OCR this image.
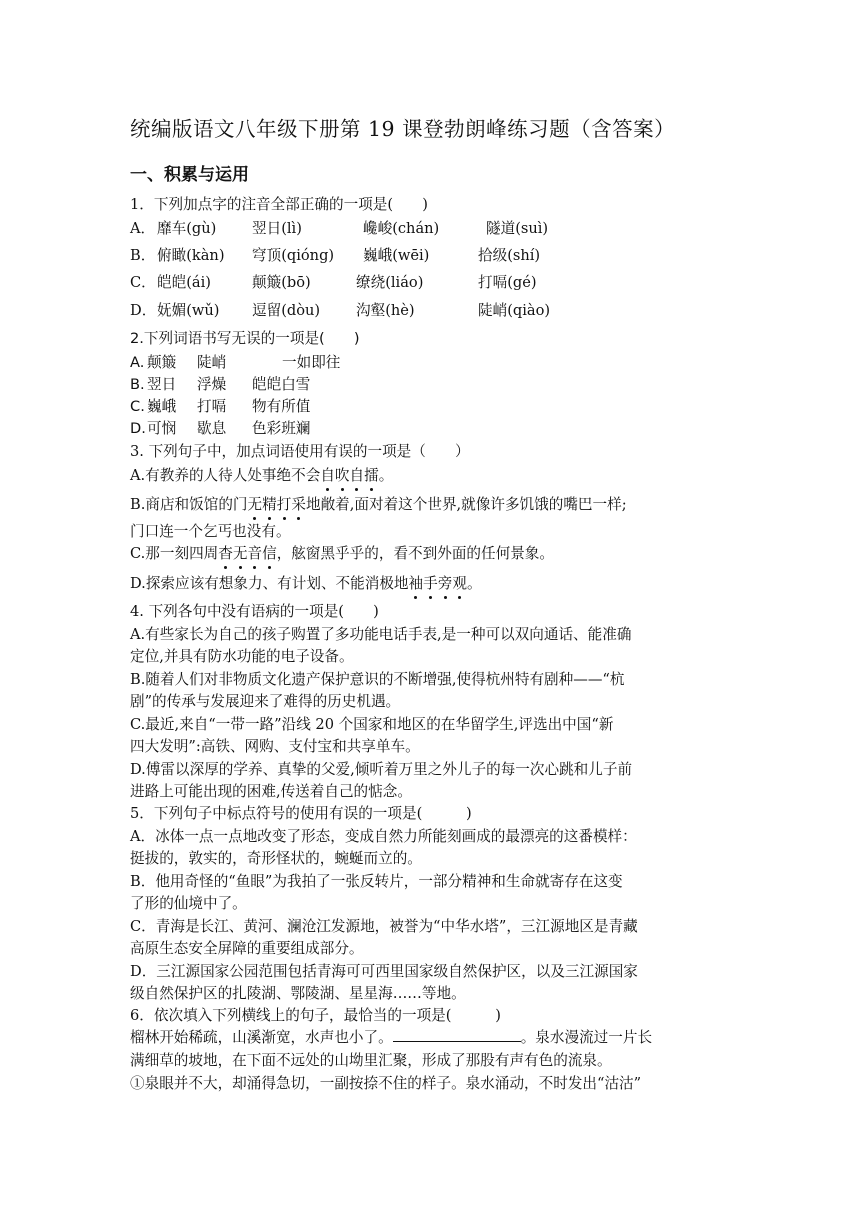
统编版语文八年级下册第 19 课登勃朗峰练习题（含答案）
一、积累与运用
1．下列加点字的注音全部正确的一项是(　　)
A． 靡车(gù) 翌日(lì)	巉峻(chán)	隧道(suì)
B． 俯瞰(kàn) 穹顶(qióng) 巍峨(wēi)	拾级(shí)
C． 皑皑(ái)	颠簸(bō)	缭绕(liáo)	打嗝(gé)
D． 妩媚(wǔ) 逗留(dòu) 沟壑(hè)	陡峭(qiào)
2.下列词语书写无误的一项是(　　)
A. 颠簸 陡峭	一如即往
B. 翌日 浮燥 皑皑白雪
C. 巍峨 打嗝 物有所值
D. 可悯 歇息 色彩班斓
3. 下列句子中，加点词语使用有误的一项是（　　）
A.有教养的人待人处事绝不会自吹自擂。
B.商店和饭馆的门无精打采地敞着,面对着这个世界,就像许多饥饿的嘴巴一样;
门口连一个乞丐也没有。
C.那一刻四周杳无音信，舷窗黑乎乎的，看不到外面的任何景象。
D.探索应该有想象力、有计划、不能消极地袖手旁观。
4. 下列各句中没有语病的一项是(　　)
A.有些家长为自己的孩子购置了多功能电话手表,是一种可以双向通话、能准确
定位,并具有防水功能的电子设备。
B.随着人们对非物质文化遗产保护意识的不断增强,使得杭州特有剧种——“杭
剧”的传承与发展迎来了难得的历史机遇。
C.最近,来自“一带一路”沿线 20 个国家和地区的在华留学生,评选出中国“新
四大发明”:高铁、网购、支付宝和共享单车。
D.傅雷以深厚的学养、真挚的父爱,倾听着万里之外儿子的每一次心跳和儿子前
进路上可能出现的困难,传送着自己的惦念。
5．下列句子中标点符号的使用有误的一项是(　　　)
A．冰体一点一点地改变了形态，变成自然力所能刻画成的最漂亮的这番模样：
挺拔的，敦实的，奇形怪状的，蜿蜒而立的。
B．他用奇怪的“鱼眼”为我拍了一张反转片，一部分精神和生命就寄存在这变
了形的仙境中了。
C．青海是长江、黄河、澜沧江发源地，被誉为“中华水塔”，三江源地区是青藏
高原生态安全屏障的重要组成部分。
D．三江源国家公园范围包括青海可可西里国家级自然保护区，以及三江源国家
级自然保护区的扎陵湖、鄂陵湖、星星海……等地。
6．依次填入下列横线上的句子，最恰当的一项是(　　　)
榴林开始稀疏，山溪渐宽，水声也小了。	。泉水漫流过一片长
满细草的坡地，在下面不远处的山坳里汇聚，形成了那股有声有色的流泉。
①泉眼并不大，却涌得急切，一副按捺不住的样子。泉水涌动，不时发出“沽沽”
